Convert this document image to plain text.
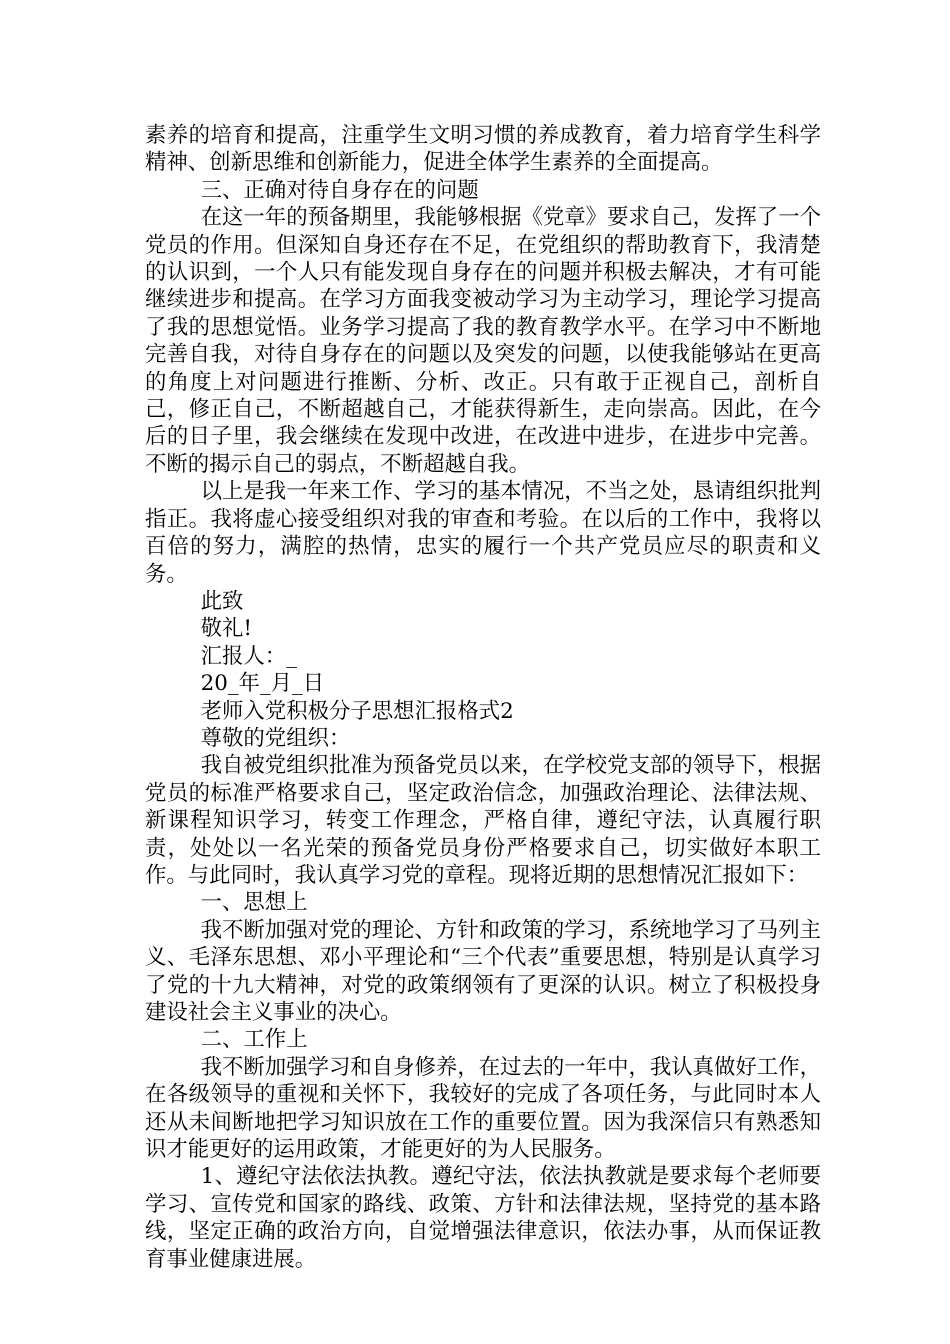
素养的培育和提高，注重学生文明习惯的养成教育，着力培育学生科学精神、创新思维和创新能力，促进全体学生素养的全面提高。

三、正确对待自身存在的问题

在这一年的预备期里，我能够根据《党章》要求自己，发挥了一个党员的作用。但深知自身还存在不足，在党组织的帮助教育下，我清楚的认识到，一个人只有能发现自身存在的问题并积极去解决，才有可能继续进步和提高。在学习方面我变被动学习为主动学习，理论学习提高了我的思想觉悟。业务学习提高了我的教育教学水平。在学习中不断地完善自我，对待自身存在的问题以及突发的问题，以使我能够站在更高的角度上对问题进行推断、分析、改正。只有敢于正视自己，剖析自己，修正自己，不断超越自己，才能获得新生，走向崇高。因此，在今后的日子里，我会继续在发现中改进，在改进中进步，在进步中完善。不断的揭示自己的弱点，不断超越自我。

以上是我一年来工作、学习的基本情况，不当之处，恳请组织批判指正。我将虚心接受组织对我的审查和考验。在以后的工作中，我将以百倍的努力，满腔的热情，忠实的履行一个共产党员应尽的职责和义务。

此致

敬礼!

汇报人：_

20_年_月_日

老师入党积极分子思想汇报格式2

尊敬的党组织：

我自被党组织批准为预备党员以来，在学校党支部的领导下，根据党员的标准严格要求自己，坚定政治信念，加强政治理论、法律法规、新课程知识学习，转变工作理念，严格自律，遵纪守法，认真履行职责，处处以一名光荣的预备党员身份严格要求自己，切实做好本职工作。与此同时，我认真学习党的章程。现将近期的思想情况汇报如下：

一、思想上

我不断加强对党的理论、方针和政策的学习，系统地学习了马列主义、毛泽东思想、邓小平理论和“三个代表”重要思想，特别是认真学习了党的十九大精神，对党的政策纲领有了更深的认识。树立了积极投身建设社会主义事业的决心。

二、工作上

我不断加强学习和自身修养，在过去的一年中，我认真做好工作，在各级领导的重视和关怀下，我较好的完成了各项任务，与此同时本人还从未间断地把学习知识放在工作的重要位置。因为我深信只有熟悉知识才能更好的运用政策，才能更好的为人民服务。

1、遵纪守法依法执教。遵纪守法，依法执教就是要求每个老师要学习、宣传党和国家的路线、政策、方针和法律法规，坚持党的基本路线，坚定正确的政治方向，自觉增强法律意识，依法办事，从而保证教育事业健康进展。
